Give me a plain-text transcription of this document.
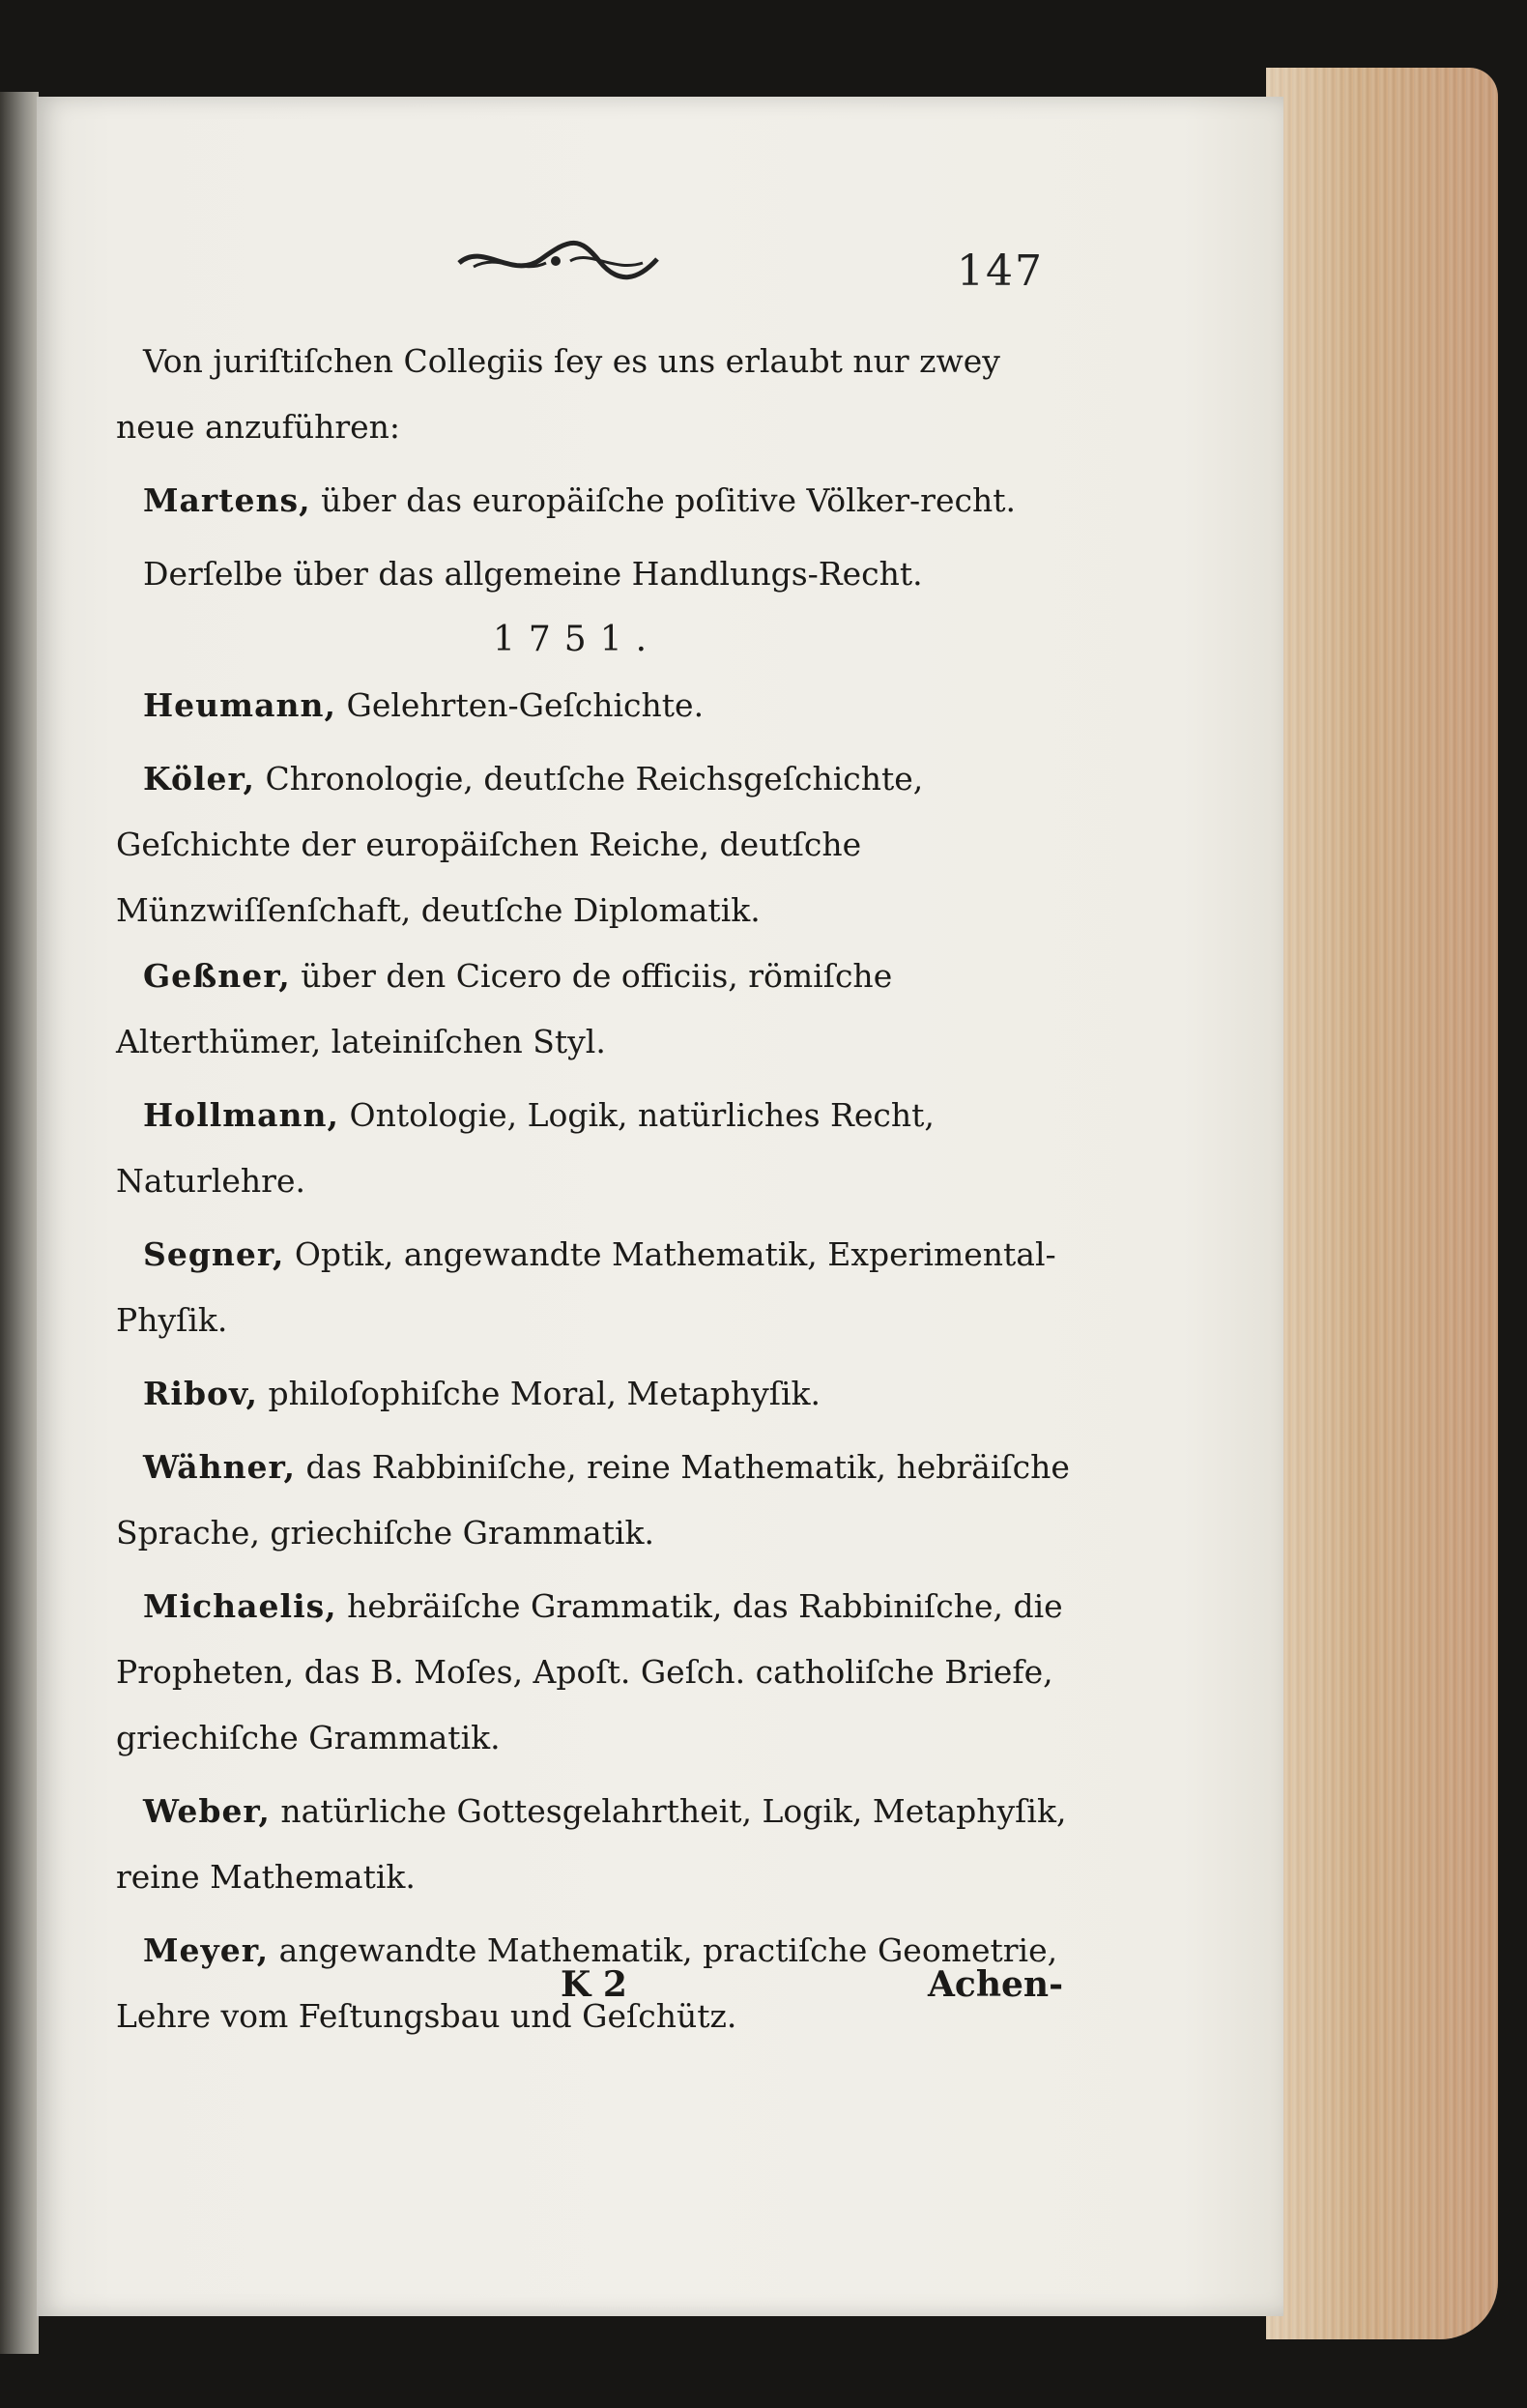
147

Von juriſtiſchen Collegiis ſey es uns erlaubt nur zwey neue anzuführen:

Martens, über das europäiſche poſitive Völker-recht.

Derſelbe über das allgemeine Handlungs-Recht.

1751.

Heumann, Gelehrten-Geſchichte.

Köler, Chronologie, deutſche Reichsgeſchichte, Geſchichte der europäiſchen Reiche, deutſche Münzwiſſenſchaft, deutſche Diplomatik.

Geßner, über den Cicero de officiis, römiſche Alterthümer, lateiniſchen Styl.

Hollmann, Ontologie, Logik, natürliches Recht, Naturlehre.

Segner, Optik, angewandte Mathematik, Experimental-Phyſik.

Ribov, philoſophiſche Moral, Metaphyſik.

Wähner, das Rabbiniſche, reine Mathematik, hebräiſche Sprache, griechiſche Grammatik.

Michaelis, hebräiſche Grammatik, das Rabbiniſche, die Propheten, das B. Moſes, Apoſt. Geſch. catholiſche Briefe, griechiſche Grammatik.

Weber, natürliche Gottesgelahrtheit, Logik, Metaphyſik, reine Mathematik.

Meyer, angewandte Mathematik, practiſche Geometrie, Lehre vom Feſtungsbau und Geſchütz.

K 2	Achen-
